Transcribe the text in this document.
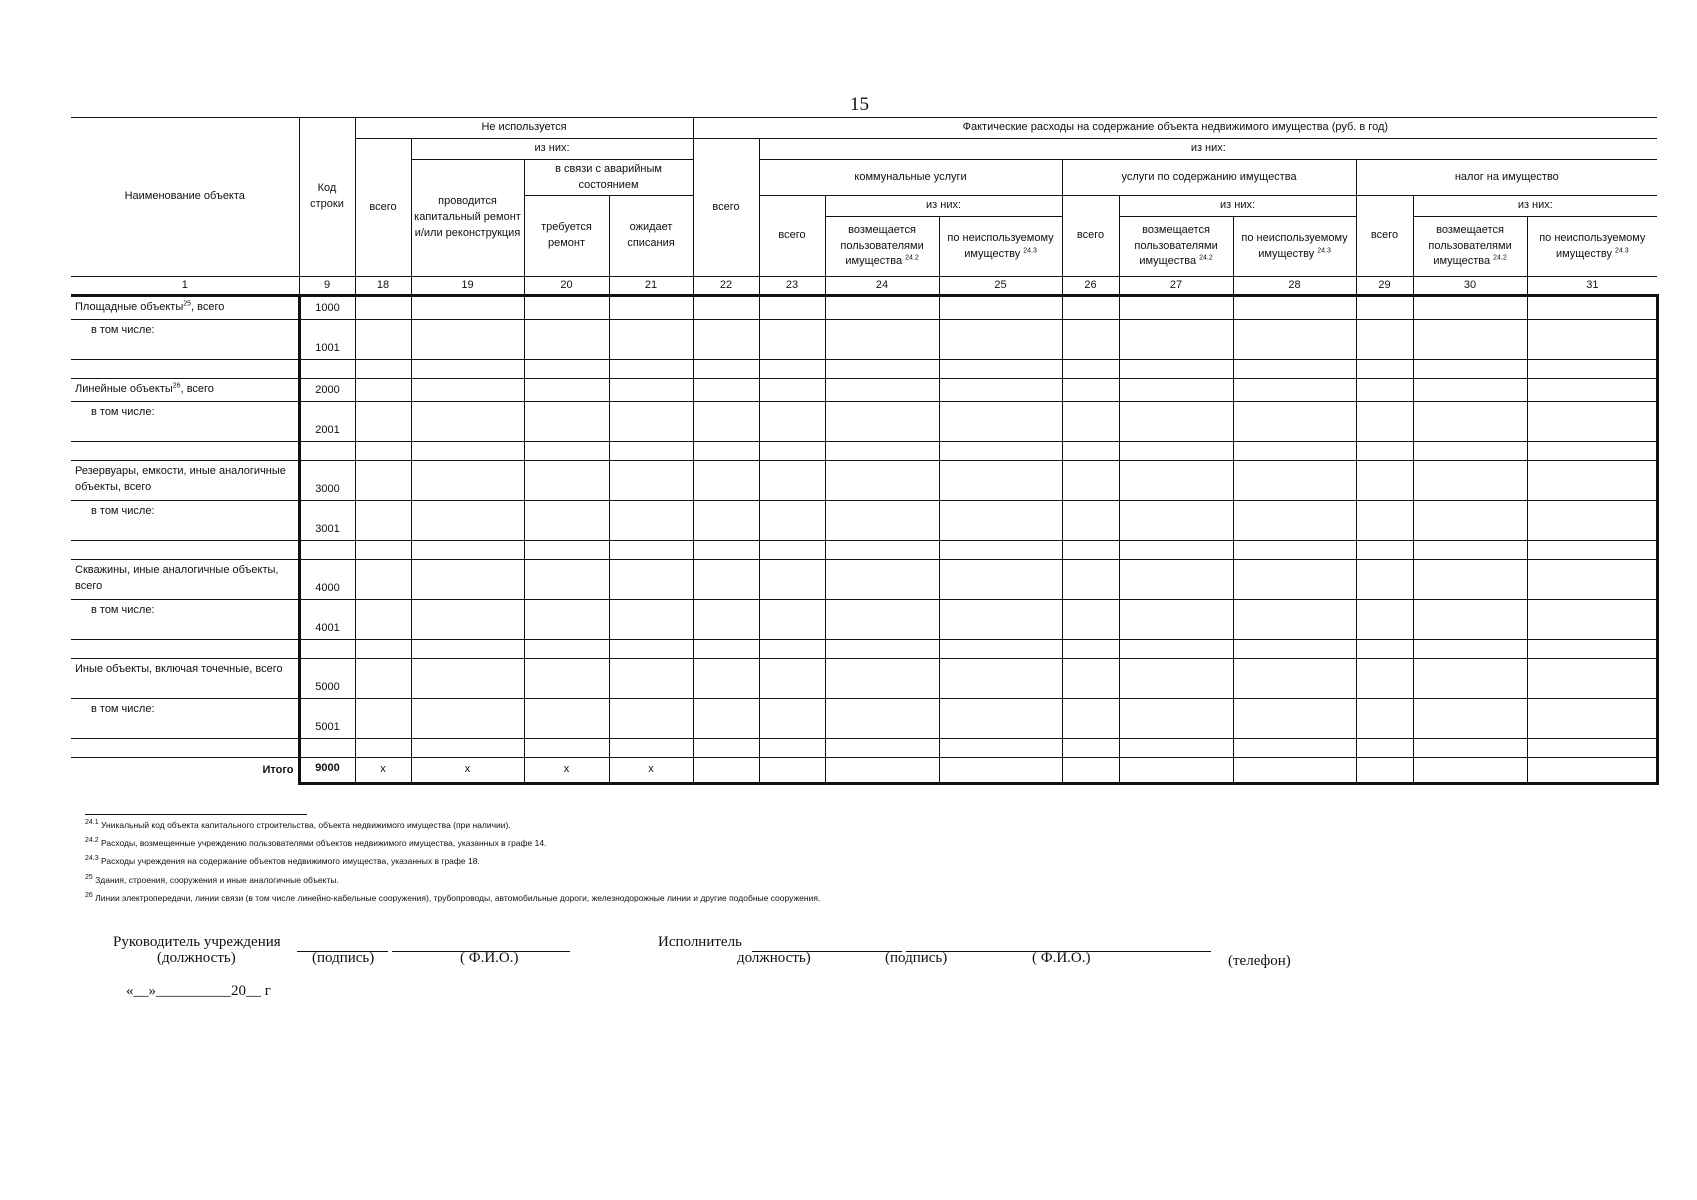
15
Наименование объекта	Код строки	Не используется				Фактические расходы на содержание объекта недвижимого имущества (руб. в год)									
		всего	из них:			всего	из них:								
			проводится капитальный ремонт и/или реконструкция	в связи с аварийным состоянием			коммунальные услуги			услуги по содержанию имущества			налог на имущество		
				требуется ремонт	ожидает списания		всего	из них:		всего	из них:		всего	из них:	
								возмещается пользователями имущества $^{24.2}$	по неиспользуемому имуществу $^{24.3}$		возмещается пользователями имущества $^{24.2}$	по неиспользуемому имуществу $^{24.3}$		возмещается пользователями имущества $^{24.2}$	по неиспользуемому имуществу $^{24.3}$
1	9	18	19	20	21	22	23	24	25	26	27	28	29	30	31
Площадные объекты$^{25}$, всего	1000														
в том числе:	1001														

Линейные объекты$^{26}$, всего	2000														
в том числе:	2001														

Резервуары, емкости, иные аналогичные объекты, всего	3000														
в том числе:	3001														

Скважины, иные аналогичные объекты, всего	4000														
в том числе:	4001														

Иные объекты, включая точечные, всего	5000														
в том числе:	5001														

Итого	9000	x	x	x	x										
$^{24.1}$ Уникальный код объекта капитального строительства, объекта недвижимого имущества (при наличии).
$^{24.2}$ Расходы, возмещенные учреждению пользователями объектов недвижимого имущества, указанных в графе 14.
$^{24.3}$ Расходы учреждения на содержание объектов недвижимого имущества, указанных в графе 18.
$^{25}$ Здания, строения, сооружения и иные аналогичные объекты.
$^{26}$ Линии электропередачи, линии связи (в том числе линейно-кабельные сооружения), трубопроводы, автомобильные дороги, железнодорожные линии и другие подобные сооружения.
Руководитель учреждения
(должность)	(подпись)	( Ф.И.О.)
Исполнитель
должность)	(подпись)	( Ф.И.О.)	(телефон)
«__»__________20__ г
